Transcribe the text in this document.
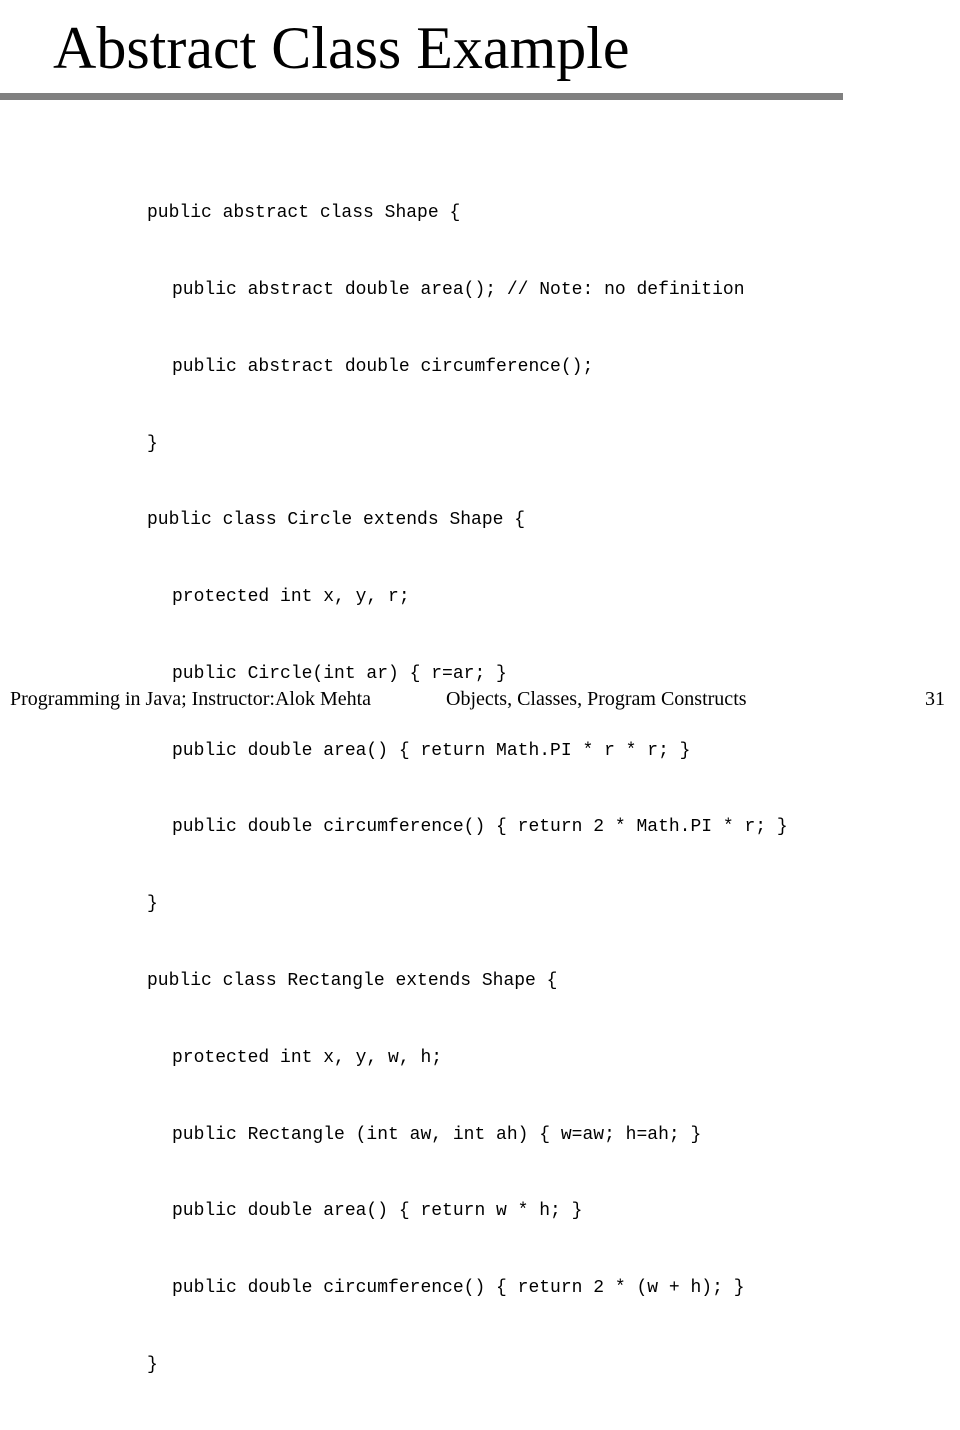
Abstract Class Example

public abstract class Shape {

public abstract double area(); // Note: no definition

public abstract double circumference();

}

public class Circle extends Shape {

protected int x, y, r;

public Circle(int ar) { r=ar; }

public double area() { return Math.PI * r * r; }

public double circumference() { return 2 * Math.PI * r; }

}

public class Rectangle extends Shape {

protected int x, y, w, h;

public Rectangle (int aw, int ah) { w=aw; h=ah; }

public double area() { return w * h; }

public double circumference() { return 2 * (w + h); }

}

Programming in Java; Instructor:Alok Mehta	Objects, Classes, Program Constructs	31
